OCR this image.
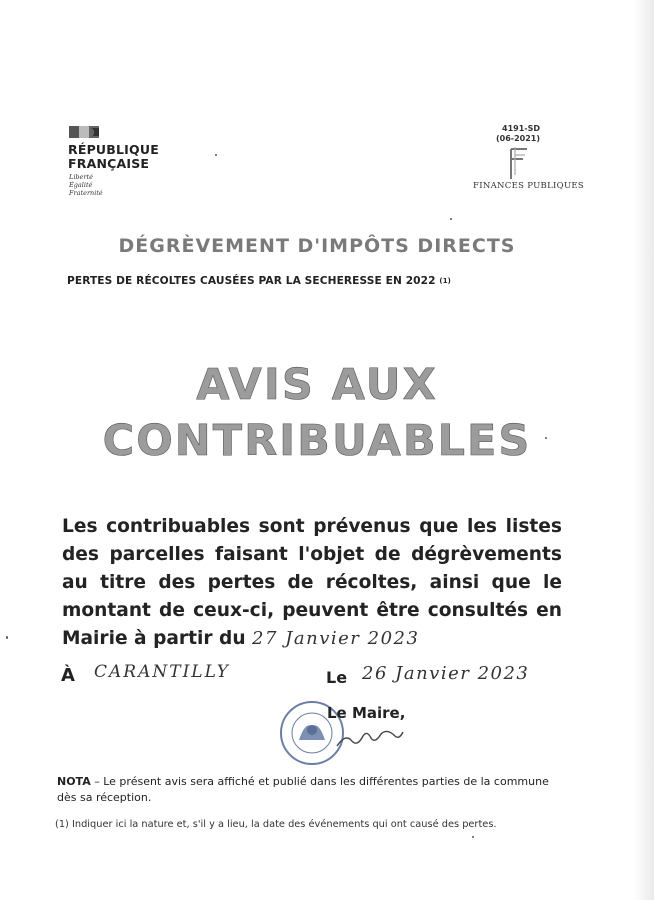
RÉPUBLIQUE
FRANÇAISE
Liberté
Égalité
Fraternité
4191-SD
(06-2021)
FINANCES PUBLIQUES
DÉGRÈVEMENT D'IMPÔTS DIRECTS
PERTES DE RÉCOLTES CAUSÉES PAR LA SECHERESSE EN 2022 (1)
AVIS AUX
CONTRIBUABLES
Les contribuables sont prévenus que les listes des parcelles faisant l'objet de dégrèvements au titre des pertes de récoltes, ainsi que le montant de ceux-ci, peuvent être consultés en Mairie à partir du 27 Janvier 2023
À CARANTILLY	Le 26 Janvier 2023
Le Maire,
NOTA – Le présent avis sera affiché et publié dans les différentes parties de la commune dès sa réception.
(1) Indiquer ici la nature et, s'il y a lieu, la date des événements qui ont causé des pertes.
